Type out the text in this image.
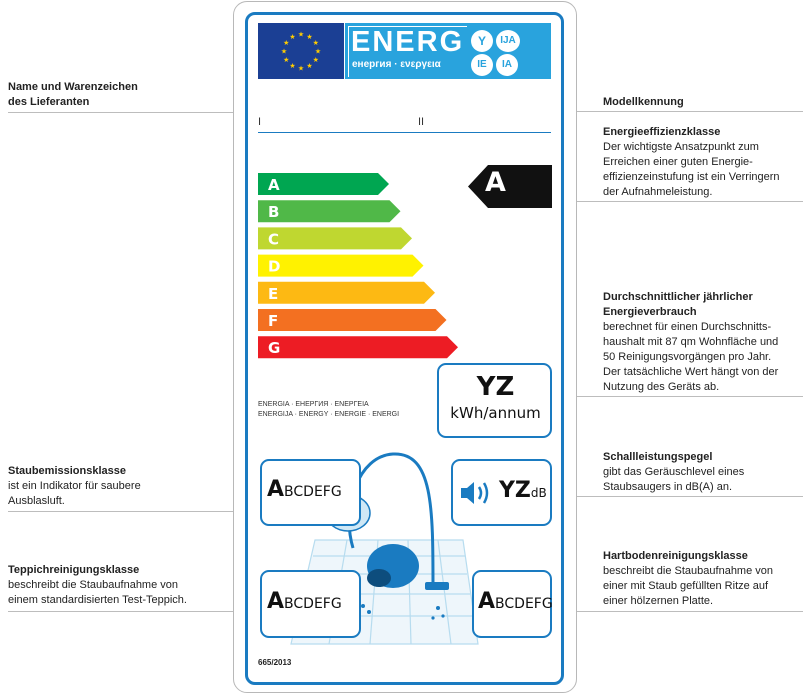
Name und Warenzeichen
des Lieferanten
Staubemissionsklasse
ist ein Indikator für saubere
Ausblasluft.
Teppichreinigungsklasse
beschreibt die Staubaufnahme von
einem standardisierten Test-Teppich.
Modellkennung
Energieeffizienzklasse
Der wichtigste Ansatzpunkt zum
Erreichen einer guten Energie-
effizienzeinstufung ist ein Verringern
der Aufnahmeleistung.
Durchschnittlicher jährlicher
Energieverbrauch
berechnet für einen Durchschnitts-
haushalt mit 87 qm Wohnfläche und
50 Reinigungsvorgängen pro Jahr.
Der tatsächliche Wert hängt von der
Nutzung des Geräts ab.
Schallleistungspegel
gibt das Geräuschlevel eines
Staubsaugers in dB(A) an.
Hartbodenreinigungsklasse
beschreibt die Staubaufnahme von
einer mit Staub gefüllten Ritze auf
einer hölzernen Platte.
★ ★
★
★
★
★
★
★
★
★
★
★ ENERG
енергия · ενεργεια
Y	IJA
IE	IA
I	II
A
B
C
D
E
F
G
A
YZ
kWh/annum
ENERGIA · ЕНЕРГИЯ · ΕΝΕΡΓΕΙΑ
ENERGIJA · ENERGY · ENERGIE · ENERGI
ABCDEFG	YZdB
ABCDEFG	ABCDEFG
665/2013
